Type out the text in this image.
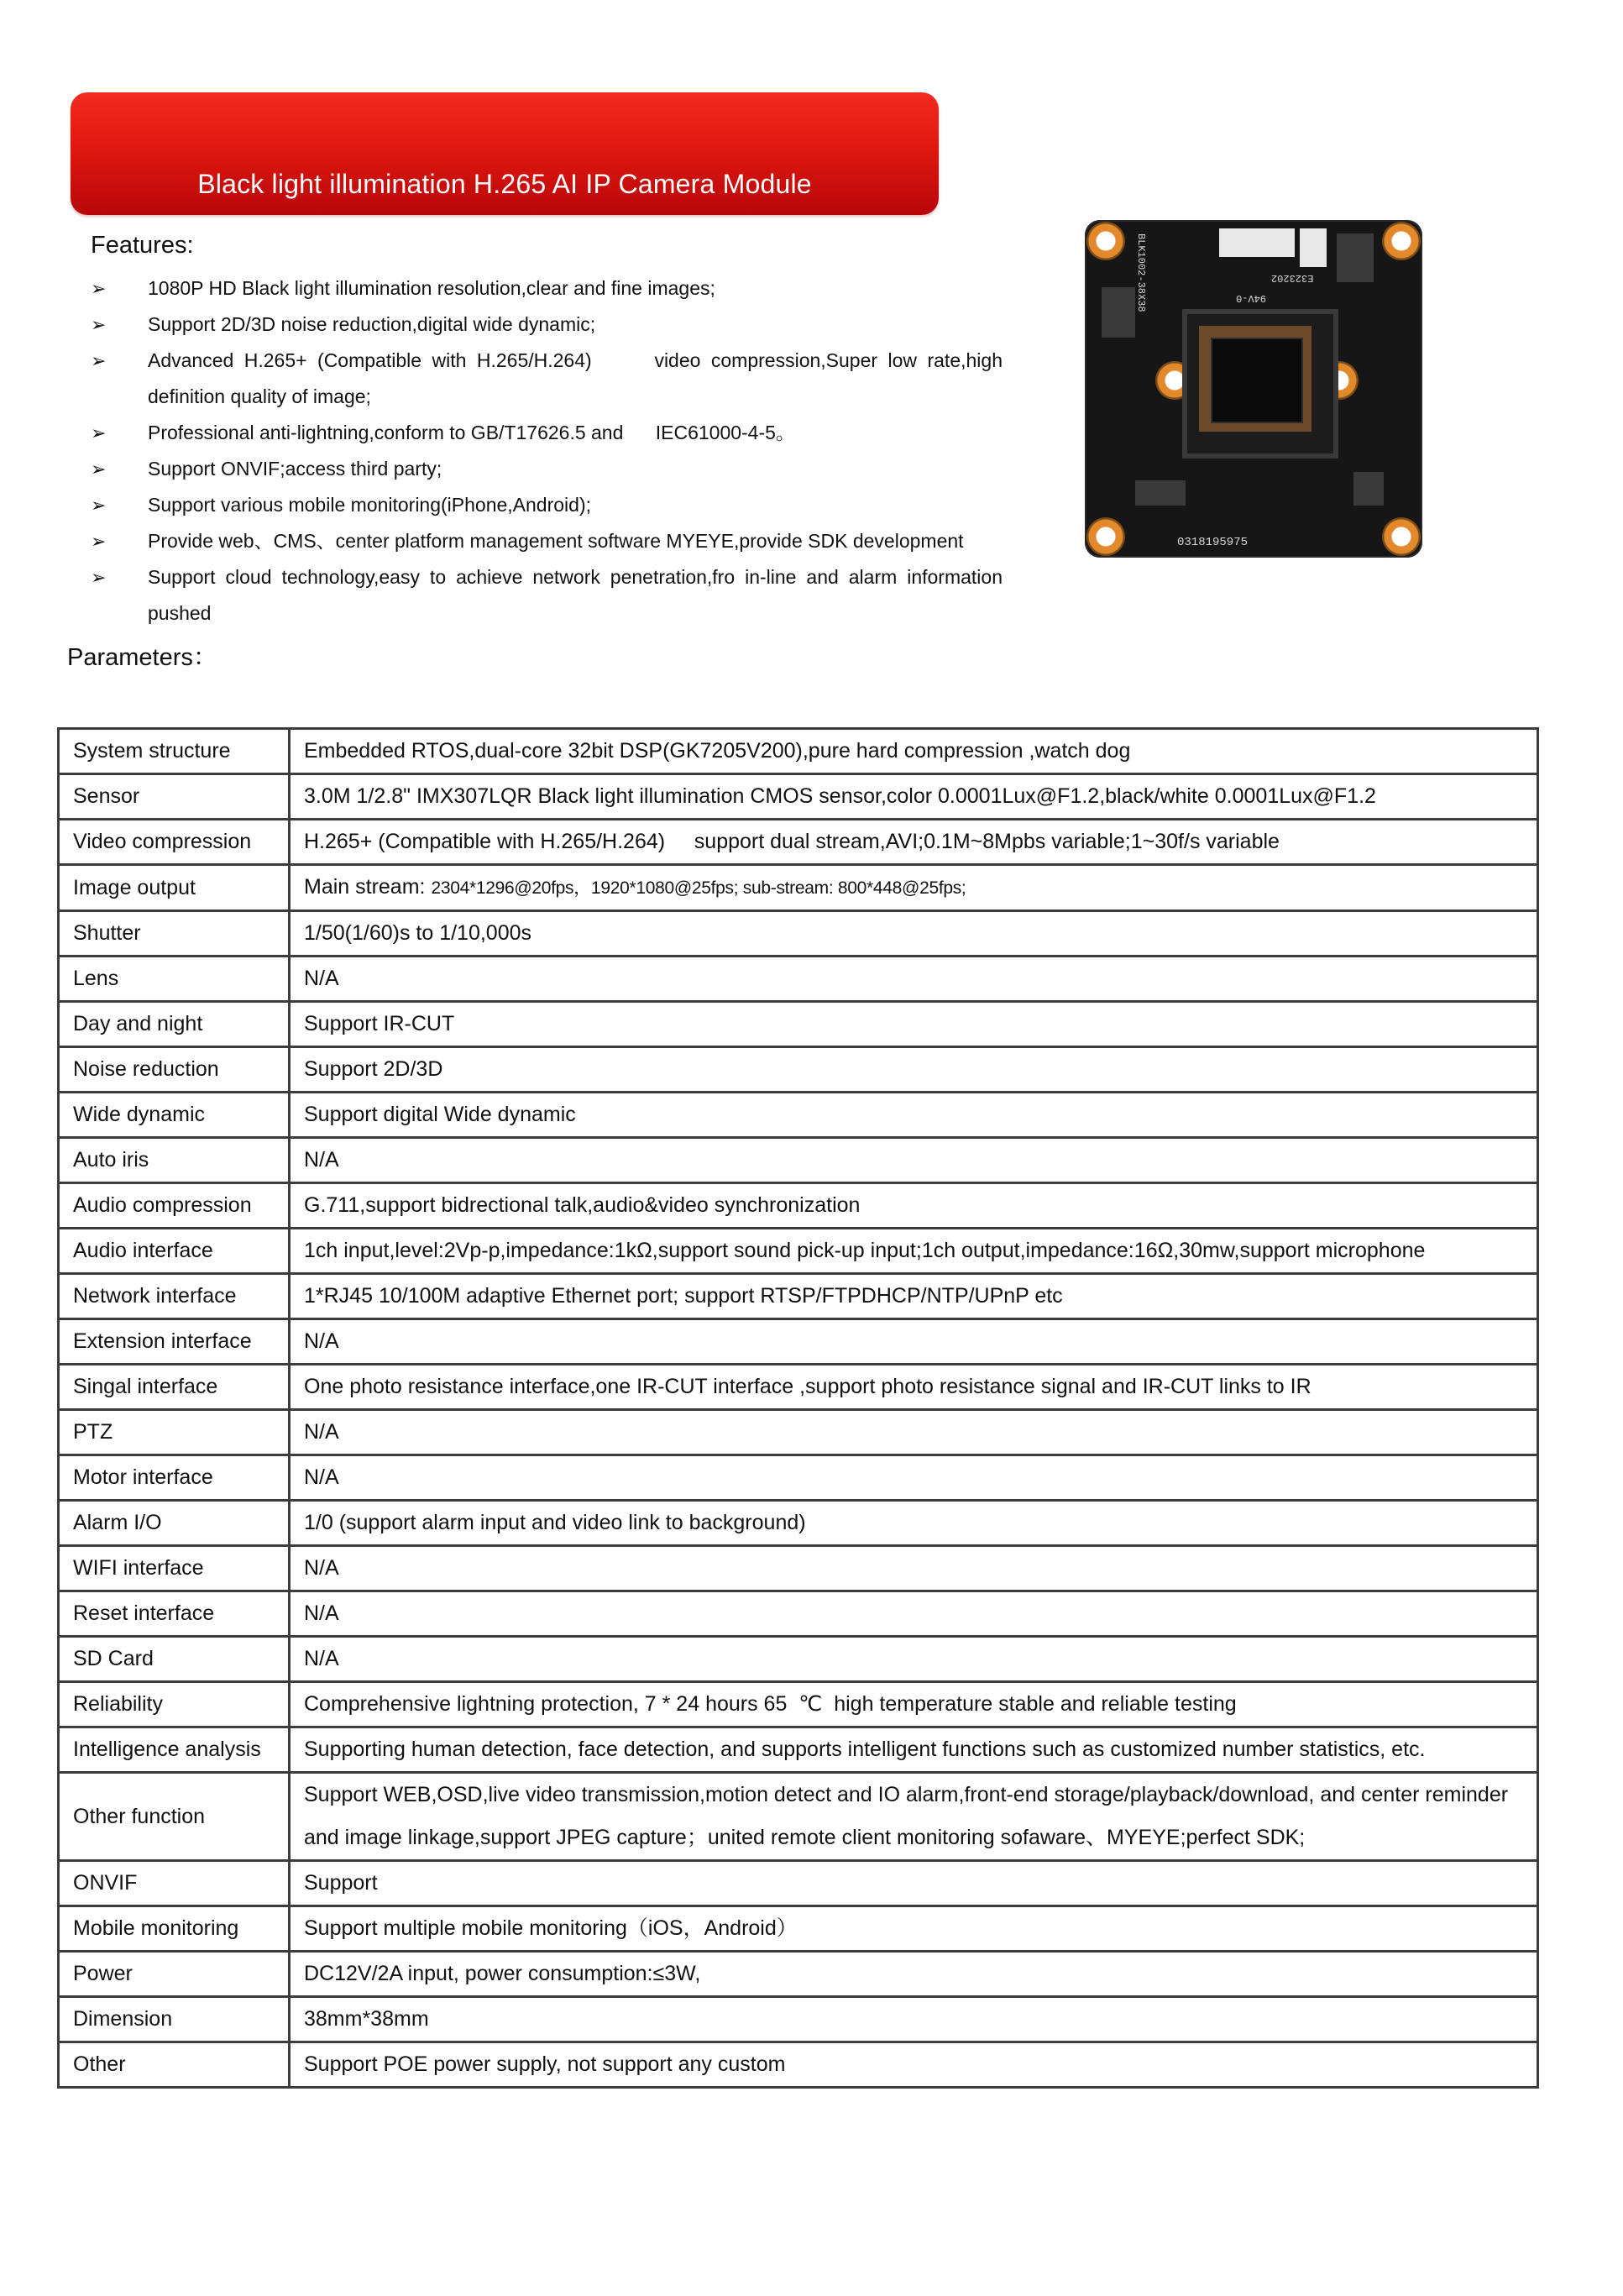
Black light illumination H.265 AI IP Camera Module
Features:
➢ 1080P HD Black light illumination resolution,clear and fine images;
➢ Support 2D/3D noise reduction,digital wide dynamic;
➢ Advanced H.265+ (Compatible with H.265/H.264)      video compression,Super low rate,high definition quality of image;
➢ Professional anti-lightning,conform to GB/T17626.5 and      IEC61000-4-5。
➢ Support ONVIF;access third party;
➢ Support various mobile monitoring(iPhone,Android);
➢ Provide web、CMS、center platform management software MYEYE,provide SDK development
➢ Support cloud technology,easy to achieve network penetration,fro in-line and alarm information pushed
BLK1002-38X38	94V-0
E323202
0318195975
Parameters：
System structure	Embedded RTOS,dual-core 32bit DSP(GK7205V200),pure hard compression ,watch dog
Sensor	3.0M 1/2.8" IMX307LQR Black light illumination CMOS sensor,color 0.0001Lux@F1.2,black/white 0.0001Lux@F1.2
Video compression	H.265+ (Compatible with H.265/H.264)     support dual stream,AVI;0.1M~8Mpbs variable;1~30f/s variable
Image output	Main stream: 2304*1296@20fps，1920*1080@25fps; sub-stream: 800*448@25fps;
Shutter	1/50(1/60)s to 1/10,000s
Lens	N/A
Day and night	Support IR-CUT
Noise reduction	Support 2D/3D
Wide dynamic	Support digital Wide dynamic
Auto iris	N/A
Audio compression	G.711,support bidrectional talk,audio&video synchronization
Audio interface	1ch input,level:2Vp-p,impedance:1kΩ,support sound pick-up input;1ch output,impedance:16Ω,30mw,support microphone
Network interface	1*RJ45 10/100M adaptive Ethernet port; support RTSP/FTPDHCP/NTP/UPnP etc
Extension interface	N/A
Singal interface	One photo resistance interface,one IR-CUT interface ,support photo resistance signal and IR-CUT links to IR
PTZ	N/A
Motor interface	N/A
Alarm I/O	1/0 (support alarm input and video link to background)
WIFI interface	N/A
Reset interface	N/A
SD Card	N/A
Reliability	Comprehensive lightning protection, 7 * 24 hours 65  ℃  high temperature stable and reliable testing
Intelligence analysis	Supporting human detection, face detection, and supports intelligent functions such as customized number statistics, etc.
Other function	Support WEB,OSD,live video transmission,motion detect and IO alarm,front-end storage/playback/download, and center reminder and image linkage,support JPEG capture；united remote client monitoring sofaware、MYEYE;perfect SDK;
ONVIF	Support
Mobile monitoring	Support multiple mobile monitoring（iOS，Android）
Power	DC12V/2A input, power consumption:≤3W,
Dimension	38mm*38mm
Other	Support POE power supply, not support any custom
